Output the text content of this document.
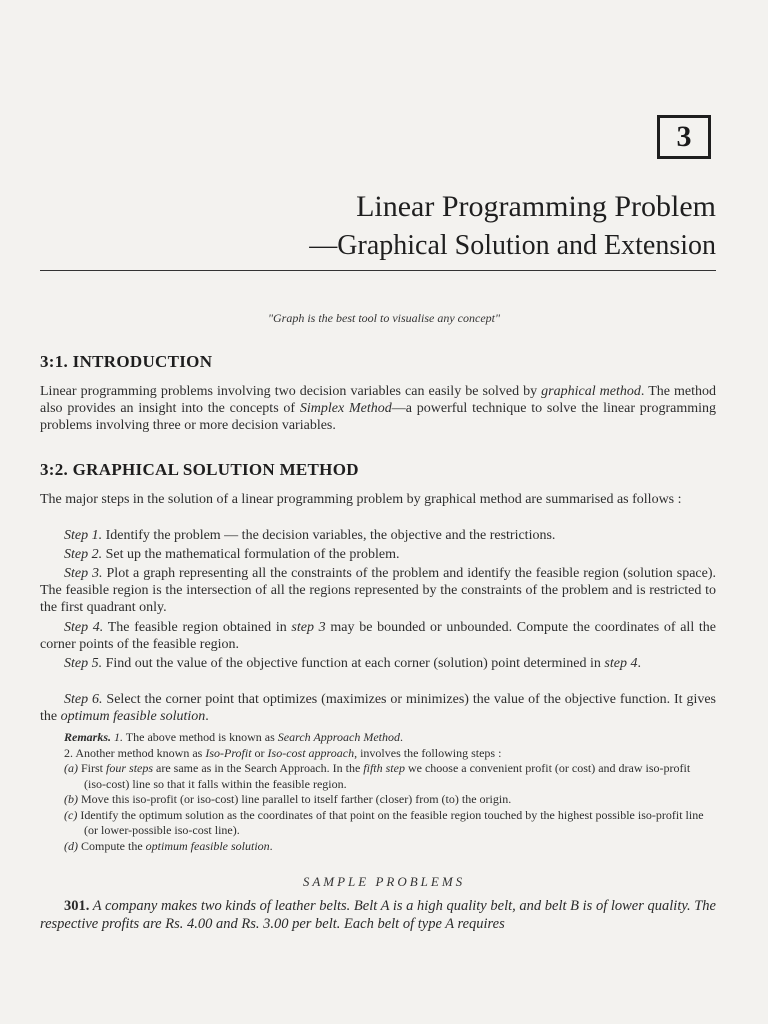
3
Linear Programming Problem
—Graphical Solution and Extension
"Graph is the best tool to visualise any concept"
3:1. INTRODUCTION
Linear programming problems involving two decision variables can easily be solved by graphical method. The method also provides an insight into the concepts of Simplex Method—a powerful technique to solve the linear programming problems involving three or more decision variables.
3:2. GRAPHICAL SOLUTION METHOD
The major steps in the solution of a linear programming problem by graphical method are summarised as follows :
Step 1. Identify the problem — the decision variables, the objective and the restrictions.
Step 2. Set up the mathematical formulation of the problem.
Step 3. Plot a graph representing all the constraints of the problem and identify the feasible region (solution space). The feasible region is the intersection of all the regions represented by the constraints of the problem and is restricted to the first quadrant only.
Step 4. The feasible region obtained in step 3 may be bounded or unbounded. Compute the coordinates of all the corner points of the feasible region.
Step 5. Find out the value of the objective function at each corner (solution) point determined in step 4.
Step 6. Select the corner point that optimizes (maximizes or minimizes) the value of the objective function. It gives the optimum feasible solution.

Remarks. 1. The above method is known as Search Approach Method.

2. Another method known as Iso-Profit or Iso-cost approach, involves the following steps :

(a) First four steps are same as in the Search Approach. In the fifth step we choose a convenient profit (or cost) and draw iso-profit (iso-cost) line so that it falls within the feasible region.

(b) Move this iso-profit (or iso-cost) line parallel to itself farther (closer) from (to) the origin.

(c) Identify the optimum solution as the coordinates of that point on the feasible region touched by the highest possible iso-profit line (or lower-possible iso-cost line).

(d) Compute the optimum feasible solution.

SAMPLE PROBLEMS
301. A company makes two kinds of leather belts. Belt A is a high quality belt, and belt B is of lower quality. The respective profits are Rs. 4.00 and Rs. 3.00 per belt. Each belt of type A requires
